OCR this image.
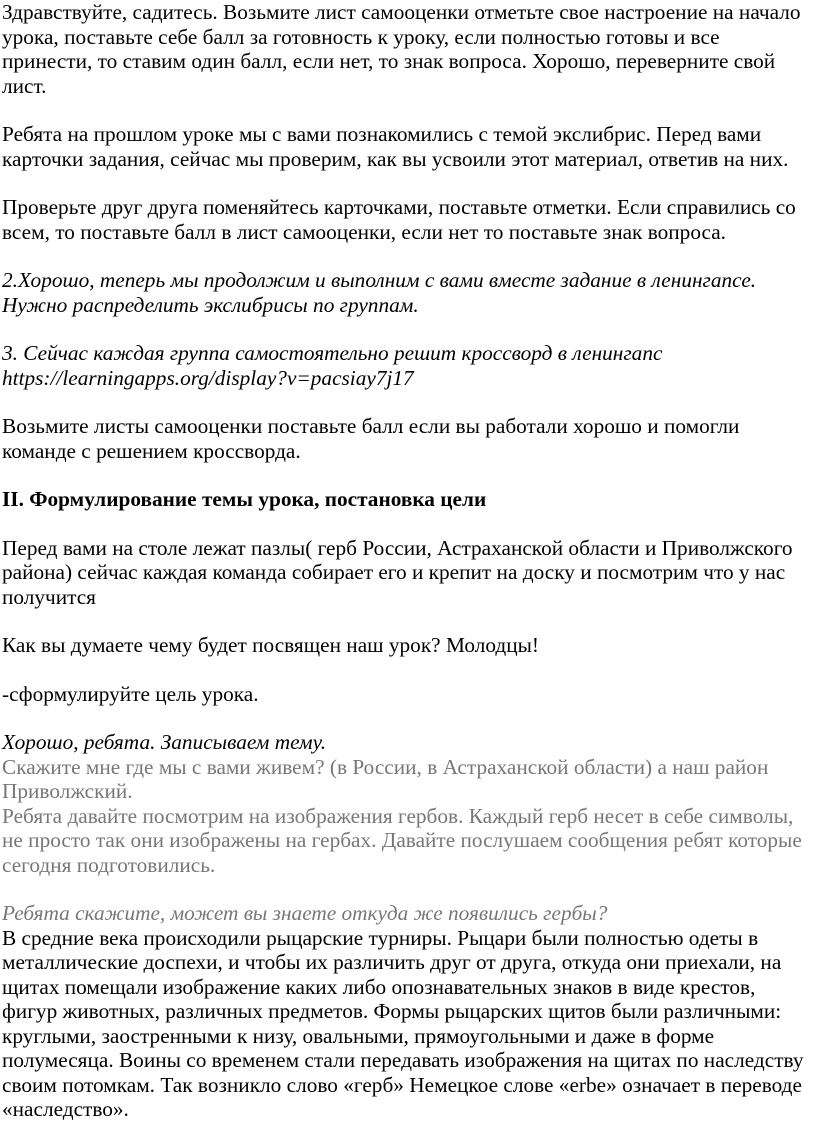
Здравствуйте, садитесь. Возьмите лист самооценки отметьте свое настроение на начало урока, поставьте себе балл за готовность к уроку, если полностью готовы и все принести, то ставим один балл, если нет, то знак вопроса. Хорошо, переверните свой лист.

Ребята на прошлом уроке мы с вами познакомились с темой экслибрис. Перед вами карточки задания, сейчас мы проверим, как вы усвоили этот материал, ответив на них.

Проверьте друг друга поменяйтесь карточками, поставьте отметки. Если справились со всем, то поставьте балл в лист самооценки, если нет то поставьте знак вопроса.

2.Хорошо, теперь мы продолжим и выполним с вами вместе задание в ленингапсе. Нужно распределить экслибрисы по группам.

3. Сейчас каждая группа самостоятельно решит кроссворд в ленингапс https://learningapps.org/display?v=pacsiay7j17

Возьмите листы самооценки поставьте балл если вы работали хорошо и помогли команде с решением кроссворда.

II. Формулирование темы урока, постановка цели

Перед вами на столе лежат пазлы( герб России, Астраханской области и Приволжского района) сейчас каждая команда собирает его и крепит на доску и посмотрим что у нас получится

Как вы думаете чему будет посвящен наш урок? Молодцы!

-сформулируйте цель урока.

Хорошо, ребята. Записываем тему.

Скажите мне где мы с вами живем? (в России, в Астраханской области) а наш район Приволжский.

Ребята давайте посмотрим на изображения гербов. Каждый герб несет в себе символы, не просто так они изображены на гербах. Давайте послушаем сообщения ребят которые сегодня подготовились.

Ребята скажите, может вы знаете откуда же появились гербы?

В средние века происходили рыцарские турниры. Рыцари были полностью одеты в металлические доспехи, и чтобы их различить друг от друга, откуда они приехали, на щитах помещали изображение каких либо опознавательных знаков в виде крестов, фигур животных, различных предметов. Формы рыцарских щитов были различными: круглыми, заостренными к низу, овальными, прямоугольными и даже в форме полумесяца. Воины со временем стали передавать изображения на щитах по наследству своим потомкам. Так возникло слово «герб» Немецкое слове «erbe» означает в переводе «наследство».
